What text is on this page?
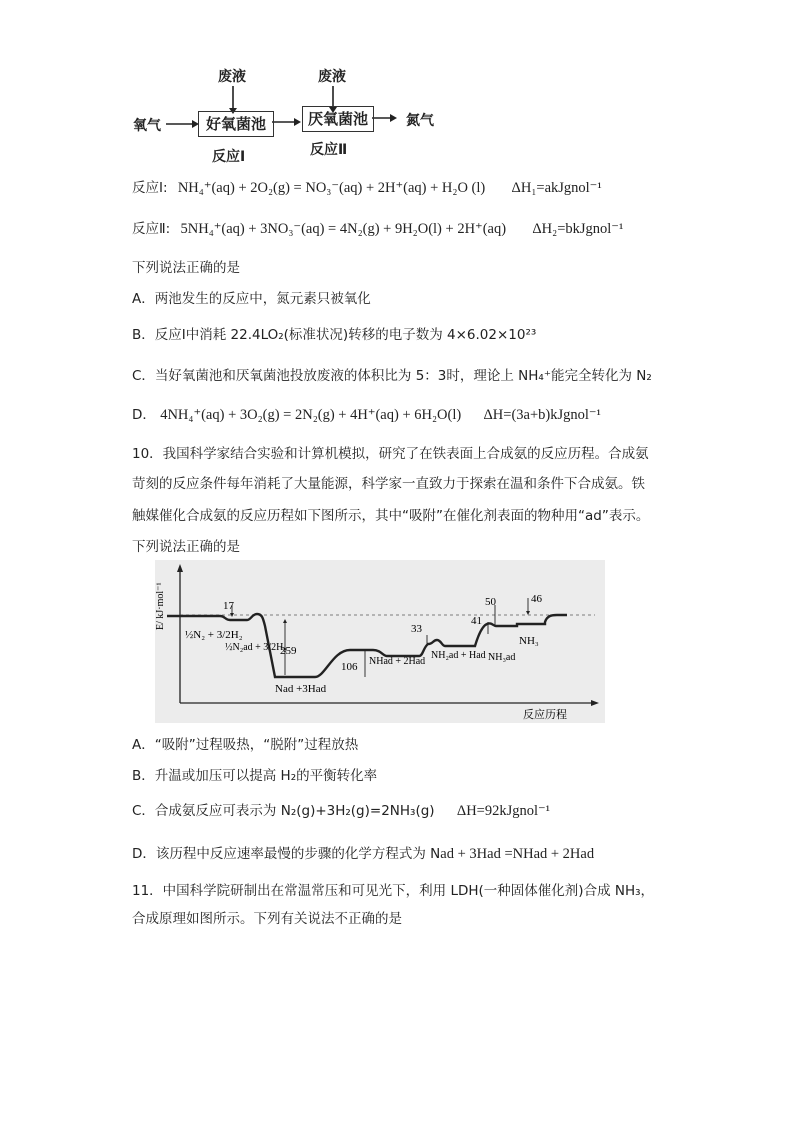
废液	废液
氧气	好氧菌池	厌氧菌池	氮气
反应Ⅰ	反应Ⅱ
反应Ⅰ: NH₄⁺(aq) + 2O₂(g) = NO₃⁻(aq) + 2H⁺(aq) + H₂O (l) ΔH₁=akJgnol⁻¹
反应Ⅱ: 5NH₄⁺(aq) + 3NO₃⁻(aq) = 4N₂(g) + 9H₂O(l) + 2H⁺(aq) ΔH₂=bkJgnol⁻¹
下列说法正确的是
A．两池发生的反应中，氮元素只被氧化
B．反应Ⅰ中消耗 22.4LO₂(标准状况)转移的电子数为 4×6.02×10²³
C．当好氧菌池和厌氧菌池投放废液的体积比为 5：3时，理论上 NH₄⁺能完全转化为 N₂
D． 4NH₄⁺(aq) + 3O₂(g) = 2N₂(g) + 4H⁺(aq) + 6H₂O(l) ΔH=(3a+b)kJgnol⁻¹
10．我国科学家结合实验和计算机模拟，研究了在铁表面上合成氨的反应历程。合成氨
苛刻的反应条件每年消耗了大量能源，科学家一直致力于探索在温和条件下合成氨。铁
触媒催化合成氨的反应历程如下图所示，其中“吸附”在催化剂表面的物种用“ad”表示。
下列说法正确的是
E/ kJ·mol⁻¹
反应历程
17
259
106
33
41
50	46
½N₂ + 3/2H₂
½N₂ad + 3/2H₂
Nad +3Had
NHad + 2Had
NH₂ad + Had NH₃ad
NH₃
A．“吸附”过程吸热，“脱附”过程放热
B．升温或加压可以提高 H₂的平衡转化率
C．合成氨反应可表示为 N₂(g)+3H₂(g)=2NH₃(g) ΔH=92kJgnol⁻¹
D．该历程中反应速率最慢的步骤的化学方程式为 Nad + 3Had =NHad + 2Had
11．中国科学院研制出在常温常压和可见光下，利用 LDH(一种固体催化剂)合成 NH₃，
合成原理如图所示。下列有关说法不正确的是
